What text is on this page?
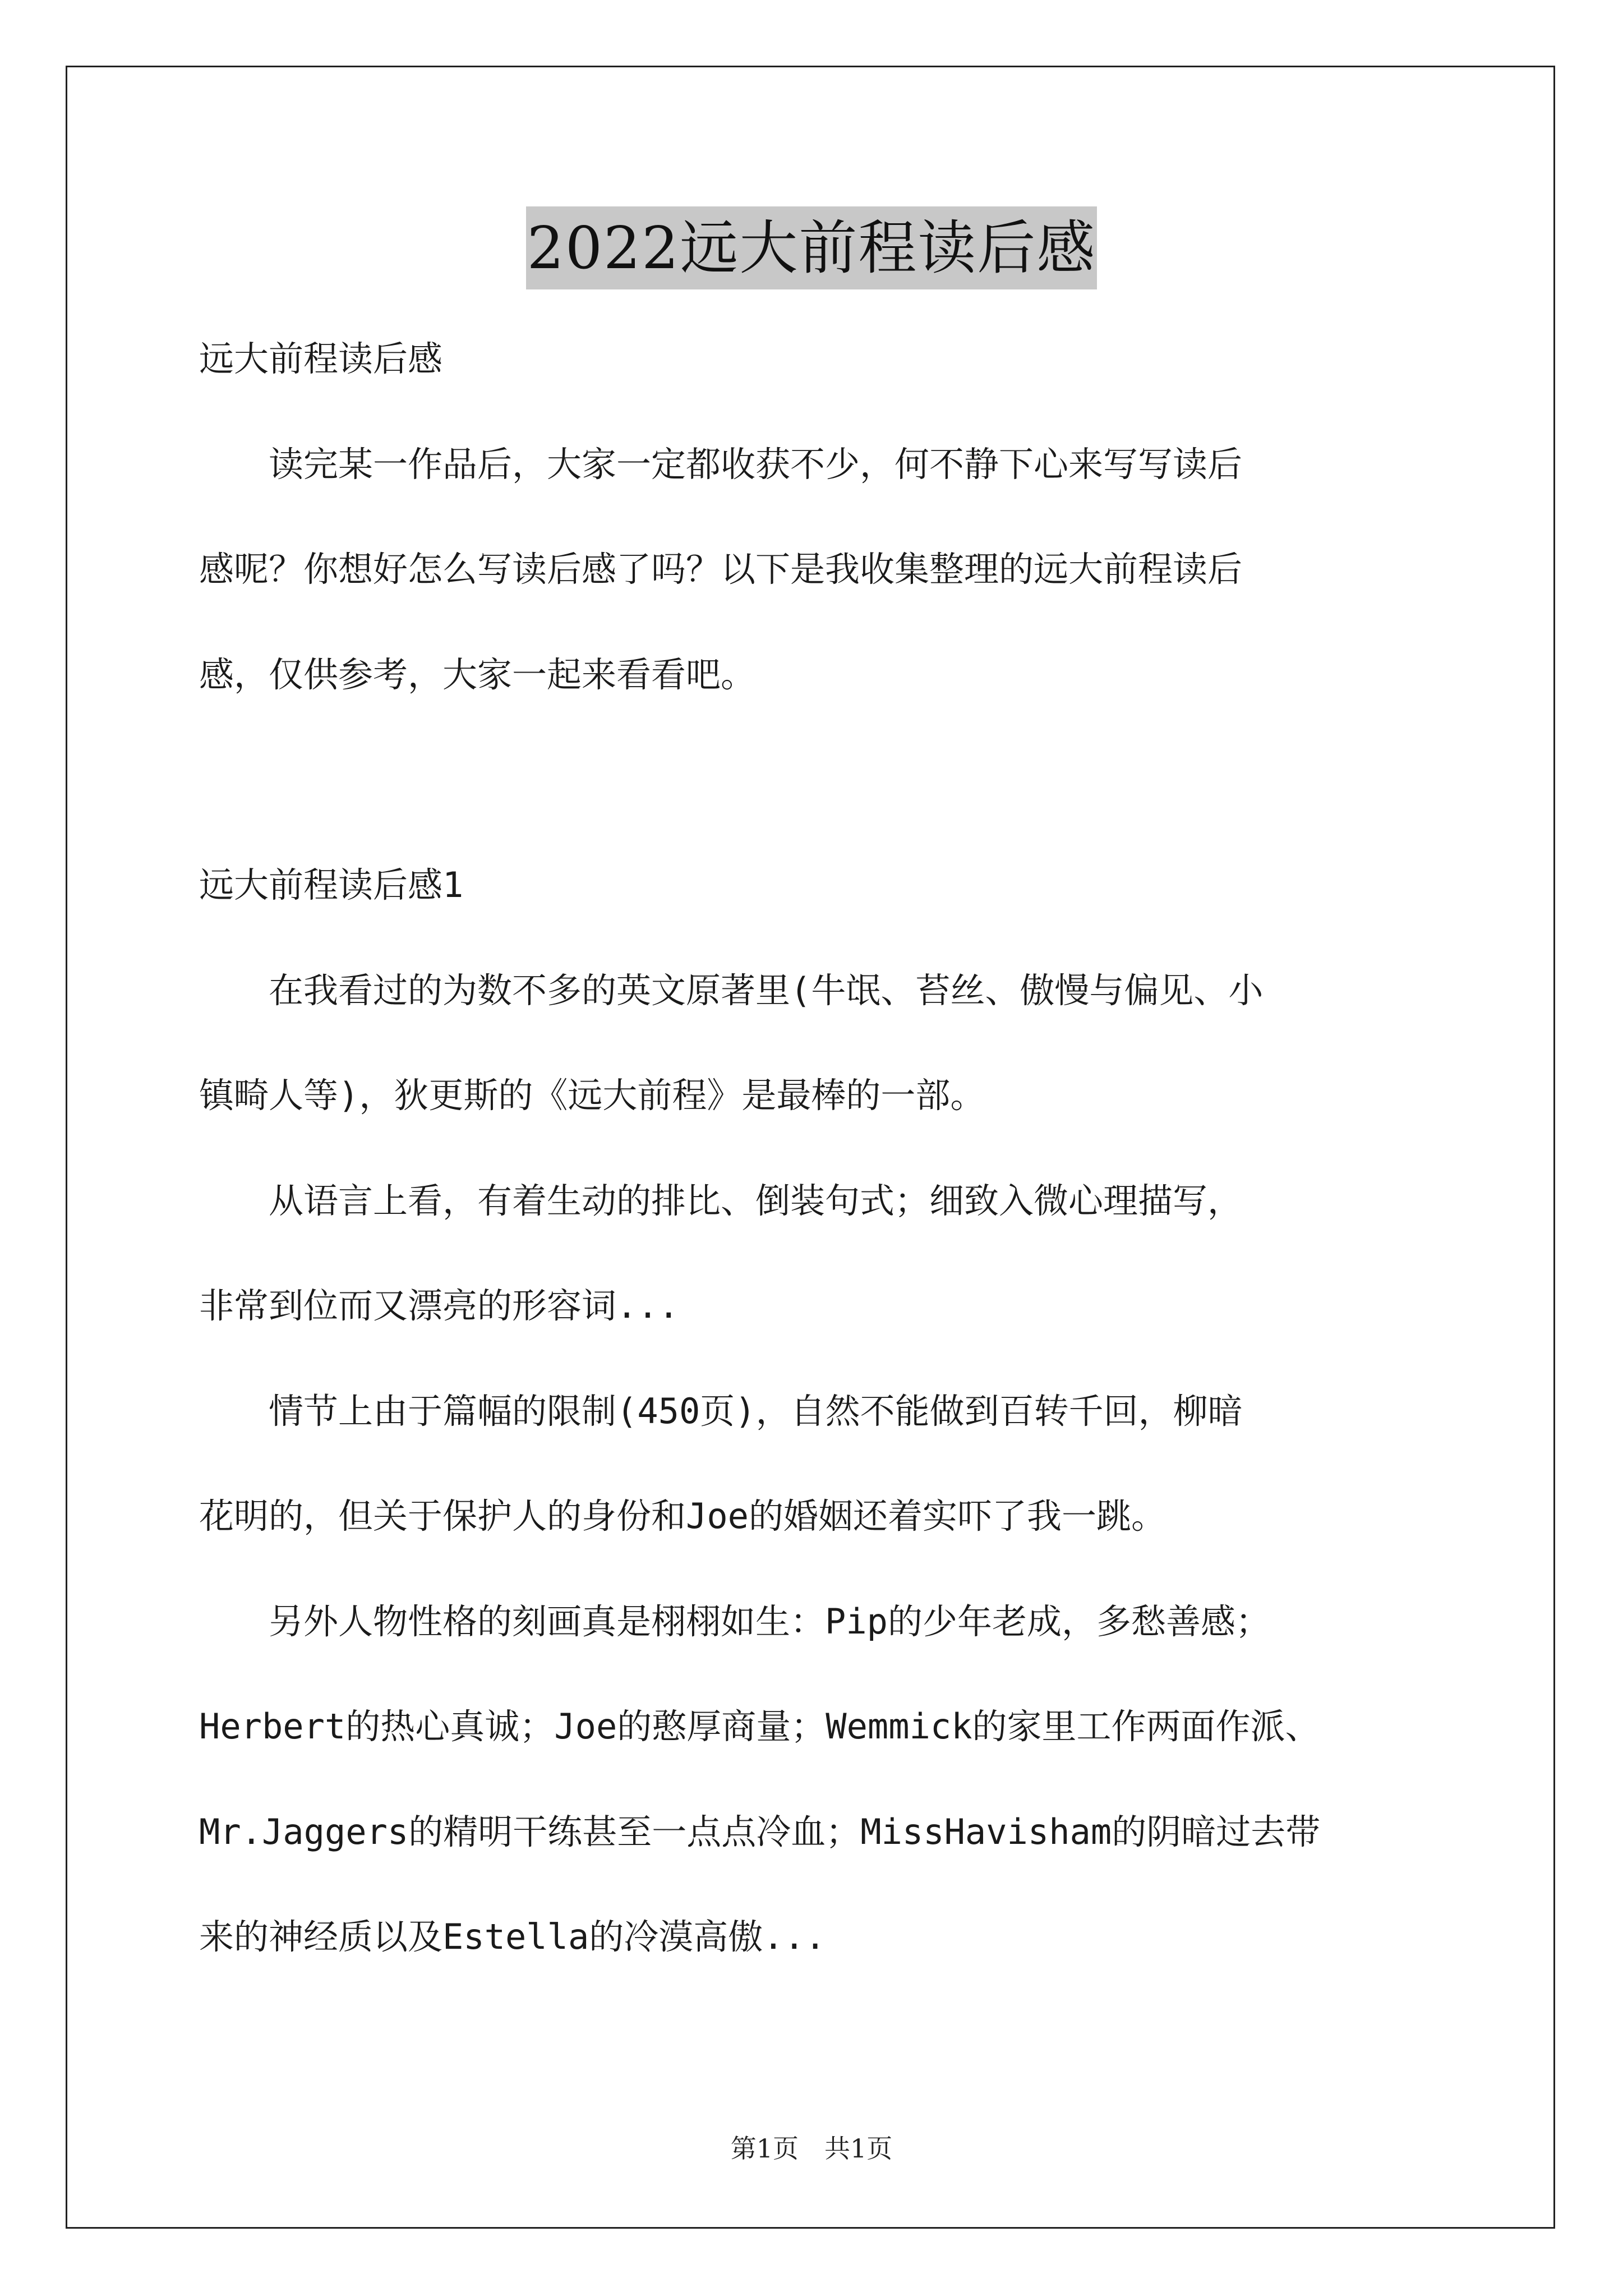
2022远大前程读后感
远大前程读后感
　　读完某一作品后，大家一定都收获不少，何不静下心来写写读后
感呢？你想好怎么写读后感了吗？以下是我收集整理的远大前程读后
感，仅供参考，大家一起来看看吧。
远大前程读后感1
　　在我看过的为数不多的英文原著里(牛氓、苔丝、傲慢与偏见、小
镇畸人等)，狄更斯的《远大前程》是最棒的一部。
　　从语言上看，有着生动的排比、倒装句式；细致入微心理描写，
非常到位而又漂亮的形容词...
　　情节上由于篇幅的限制(450页)，自然不能做到百转千回，柳暗
花明的，但关于保护人的身份和Joe的婚姻还着实吓了我一跳。
　　另外人物性格的刻画真是栩栩如生：Pip的少年老成，多愁善感；
Herbert的热心真诚；Joe的憨厚商量；Wemmick的家里工作两面作派、
Mr.Jaggers的精明干练甚至一点点冷血；MissHavisham的阴暗过去带
来的神经质以及Estella的冷漠高傲...
第1页　共1页
